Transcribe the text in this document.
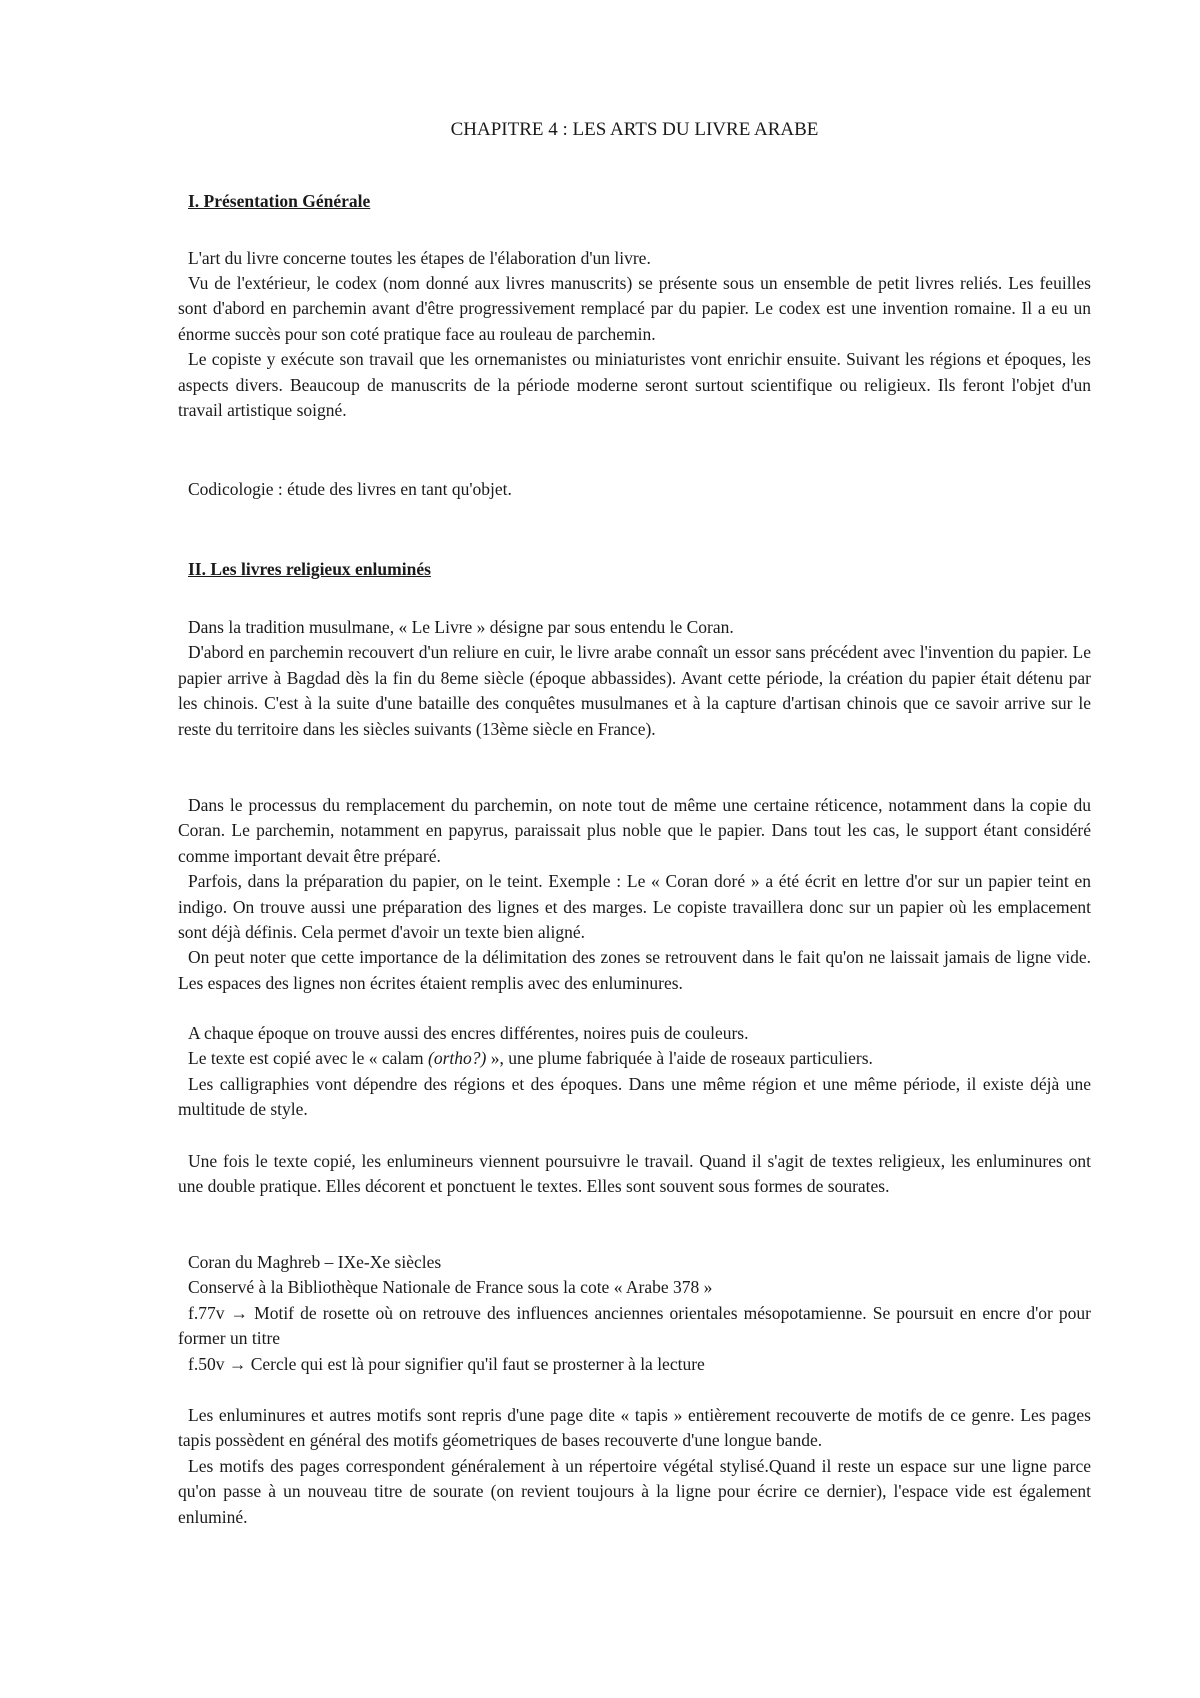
CHAPITRE 4 : LES ARTS DU LIVRE ARABE
I. Présentation Générale

L'art du livre concerne toutes les étapes de l'élaboration d'un livre.

Vu de l'extérieur, le codex (nom donné aux livres manuscrits) se présente sous un ensemble de petit livres reliés. Les feuilles sont d'abord en parchemin avant d'être progressivement remplacé par du papier. Le codex est une invention romaine. Il a eu un énorme succès pour son coté pratique face au rouleau de parchemin.

Le copiste y exécute son travail que les ornemanistes ou miniaturistes vont enrichir ensuite. Suivant les régions et époques, les aspects divers. Beaucoup de manuscrits de la période moderne seront surtout scientifique ou religieux. Ils feront l'objet d'un travail artistique soigné.

Codicologie : étude des livres en tant qu'objet.

II. Les livres religieux enluminés

Dans la tradition musulmane, « Le Livre » désigne par sous entendu le Coran.

D'abord en parchemin recouvert d'un reliure en cuir, le livre arabe connaît un essor sans précédent avec l'invention du papier. Le papier arrive à Bagdad dès la fin du 8eme siècle (époque abbassides). Avant cette période, la création du papier était détenu par les chinois. C'est à la suite d'une bataille des conquêtes musulmanes et à la capture d'artisan chinois que ce savoir arrive sur le reste du territoire dans les siècles suivants (13ème siècle en France).

Dans le processus du remplacement du parchemin, on note tout de même une certaine réticence, notamment dans la copie du Coran. Le parchemin, notamment en papyrus, paraissait plus noble que le papier. Dans tout les cas, le support étant considéré comme important devait être préparé.

Parfois, dans la préparation du papier, on le teint. Exemple : Le « Coran doré » a été écrit en lettre d'or sur un papier teint en indigo. On trouve aussi une préparation des lignes et des marges. Le copiste travaillera donc sur un papier où les emplacement sont déjà définis. Cela permet d'avoir un texte bien aligné.

On peut noter que cette importance de la délimitation des zones se retrouvent dans le fait qu'on ne laissait jamais de ligne vide. Les espaces des lignes non écrites étaient remplis avec des enluminures.

A chaque époque on trouve aussi des encres différentes, noires puis de couleurs.

Le texte est copié avec le « calam (ortho?) », une plume fabriquée à l'aide de roseaux particuliers.

Les calligraphies vont dépendre des régions et des époques. Dans une même région et une même période, il existe déjà une multitude de style.

Une fois le texte copié, les enlumineurs viennent poursuivre le travail. Quand il s'agit de textes religieux, les enluminures ont une double pratique. Elles décorent et ponctuent le textes. Elles sont souvent sous formes de sourates.

Coran du Maghreb – IXe-Xe siècles

Conservé à la Bibliothèque Nationale de France sous la cote « Arabe 378 »

f.77v → Motif de rosette où on retrouve des influences anciennes orientales mésopotamienne. Se poursuit en encre d'or pour former un titre

f.50v → Cercle qui est là pour signifier qu'il faut se prosterner à la lecture

Les enluminures et autres motifs sont repris d'une page dite « tapis » entièrement recouverte de motifs de ce genre. Les pages tapis possèdent en général des motifs géometriques de bases recouverte d'une longue bande.

Les motifs des pages correspondent généralement à un répertoire végétal stylisé.Quand il reste un espace sur une ligne parce qu'on passe à un nouveau titre de sourate (on revient toujours à la ligne pour écrire ce dernier), l'espace vide est également enluminé.
